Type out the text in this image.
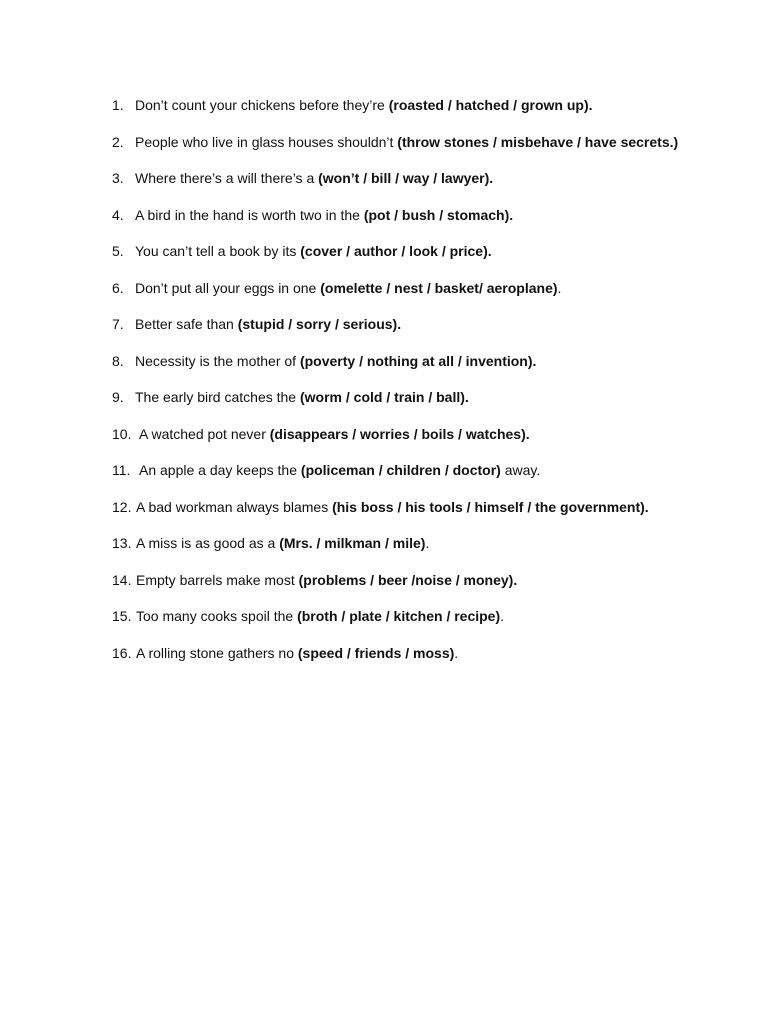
1. Don’t count your chickens before they’re (roasted / hatched / grown up).
2. People who live in glass houses shouldn’t (throw stones / misbehave / have secrets.)
3. Where there’s a will there’s a (won’t / bill / way / lawyer).
4. A bird in the hand is worth two in the (pot / bush / stomach).
5. You can’t tell a book by its (cover / author / look / price).
6. Don’t put all your eggs in one (omelette / nest / basket/ aeroplane).
7. Better safe than (stupid / sorry / serious).
8. Necessity is the mother of (poverty / nothing at all / invention).
9. The early bird catches the (worm / cold / train / ball).
10. A watched pot never (disappears / worries / boils / watches).
11. An apple a day keeps the (policeman / children / doctor) away.
12. A bad workman always blames (his boss / his tools / himself / the government).
13. A miss is as good as a (Mrs. / milkman / mile).
14. Empty barrels make most (problems / beer /noise / money).
15. Too many cooks spoil the (broth / plate / kitchen / recipe).
16. A rolling stone gathers no (speed / friends / moss).
